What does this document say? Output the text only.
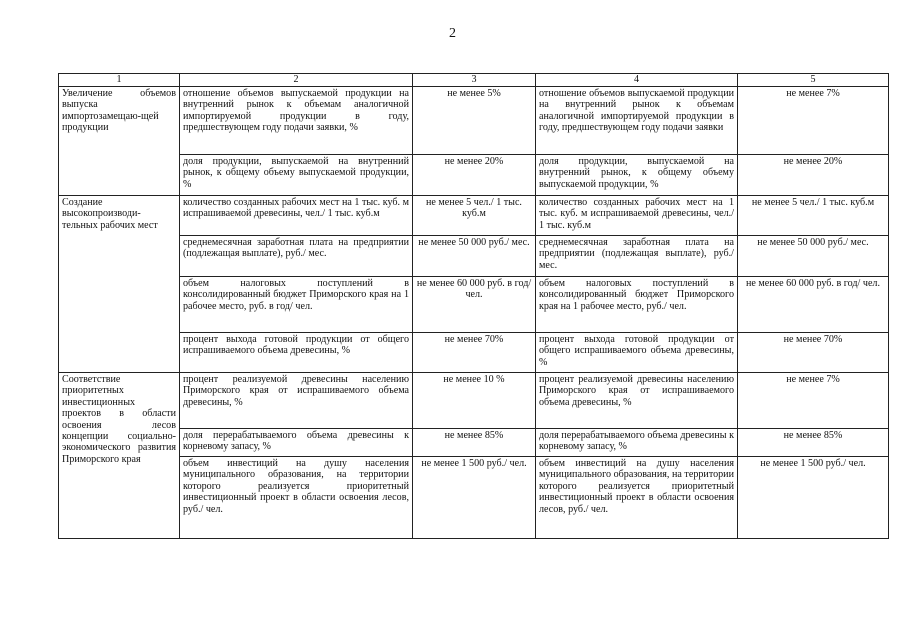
2
1	2	3	4	5
Увеличение объемов выпуска импортозамещаю-щей продукции	отношение объемов выпускаемой продукции на внутренний рынок к объемам аналогичной импортируемой продукции в году, предшествующем году подачи заявки, %	не менее 5%	отношение объемов выпускаемой продукции на внутренний рынок к объемам аналогичной импортируемой продукции в году, предшествующем году подачи заявки	не менее 7%
	доля продукции, выпускаемой на внутренний рынок, к общему объему выпускаемой продукции, %	не менее 20%	доля продукции, выпускаемой на внутренний рынок, к общему объему выпускаемой продукции, %	не менее 20%
Создание высокопроизводи-тельных рабочих мест	количество созданных рабочих мест на 1 тыс. куб. м испрашиваемой древесины, чел./ 1 тыс. куб.м	не менее 5 чел./ 1 тыс. куб.м	количество созданных рабочих мест на 1 тыс. куб. м испрашиваемой древесины, чел./ 1 тыс. куб.м	не менее 5 чел./ 1 тыс. куб.м
	среднемесячная заработная плата на предприятии (подлежащая выплате), руб./ мес.	не менее 50 000 руб./ мес.	среднемесячная заработная плата на предприятии (подлежащая выплате), руб./ мес.	не менее 50 000 руб./ мес.
	объем налоговых поступлений в консолидированный бюджет Приморского края на 1 рабочее место, руб. в год/ чел.	не менее 60 000 руб. в год/ чел.	объем налоговых поступлений в консолидированный бюджет Приморского края на 1 рабочее место, руб./ чел.	не менее 60 000 руб. в год/ чел.
	процент выхода готовой продукции от общего испрашиваемого объема древесины, %	не менее 70%	процент выхода готовой продукции от общего испрашиваемого объема древесины, %	не менее 70%
Соответствие приоритетных инвестиционных проектов в области освоения лесов концепции социально-экономического развития Приморского края	процент реализуемой древесины населению Приморского края от испрашиваемого объема древесины, %	не менее 10 %	процент реализуемой древесины населению Приморского края от испрашиваемого объема древесины, %	не менее 7%
	доля перерабатываемого объема древесины к корневому запасу, %	не менее 85%	доля перерабатываемого объема древесины к корневому запасу, %	не менее 85%
	объем инвестиций на душу населения муниципального образования, на территории которого реализуется приоритетный инвестиционный проект в области освоения лесов, руб./ чел.	не менее 1 500 руб./ чел.	объем инвестиций на душу населения муниципального образования, на территории которого реализуется приоритетный инвестиционный проект в области освоения лесов, руб./ чел.	не менее 1 500 руб./ чел.
